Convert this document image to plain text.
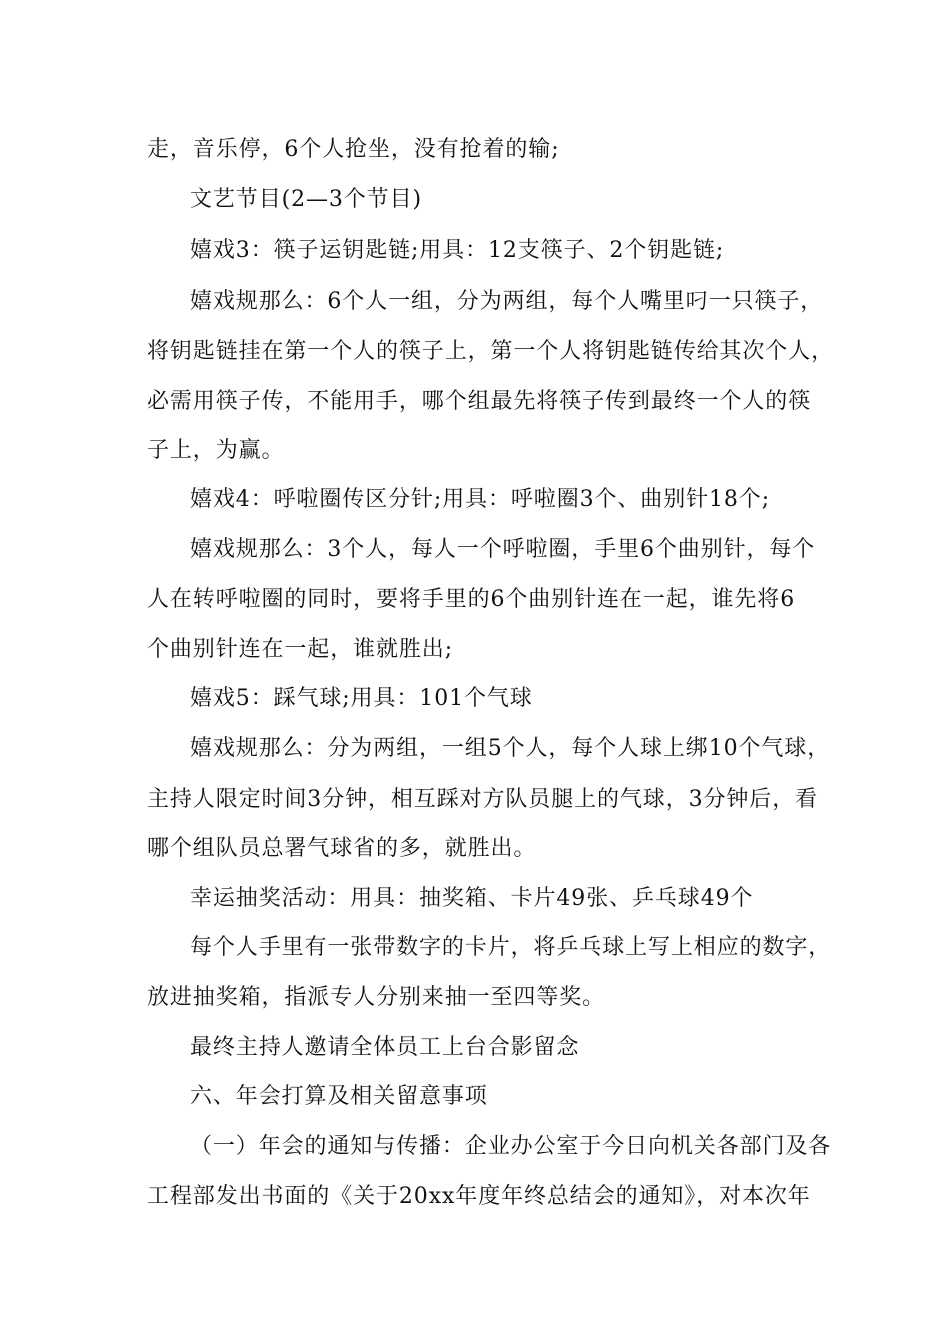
走，音乐停，6个人抢坐，没有抢着的输;
文艺节目(2—3个节目)
嬉戏3：筷子运钥匙链;用具：12支筷子、2个钥匙链;
嬉戏规那么：6个人一组，分为两组，每个人嘴里叼一只筷子，
将钥匙链挂在第一个人的筷子上，第一个人将钥匙链传给其次个人，
必需用筷子传，不能用手，哪个组最先将筷子传到最终一个人的筷
子上，为赢。
嬉戏4：呼啦圈传区分针;用具：呼啦圈3个、曲别针18个;
嬉戏规那么：3个人，每人一个呼啦圈，手里6个曲别针，每个
人在转呼啦圈的同时，要将手里的6个曲别针连在一起，谁先将6
个曲别针连在一起，谁就胜出;
嬉戏5：踩气球;用具：101个气球
嬉戏规那么：分为两组，一组5个人，每个人球上绑10个气球，
主持人限定时间3分钟，相互踩对方队员腿上的气球，3分钟后，看
哪个组队员总署气球省的多，就胜出。
幸运抽奖活动：用具：抽奖箱、卡片49张、乒乓球49个
每个人手里有一张带数字的卡片，将乒乓球上写上相应的数字，
放进抽奖箱，指派专人分别来抽一至四等奖。
最终主持人邀请全体员工上台合影留念
六、年会打算及相关留意事项
（一）年会的通知与传播：企业办公室于今日向机关各部门及各
工程部发出书面的《关于20xx年度年终总结会的通知》，对本次年
